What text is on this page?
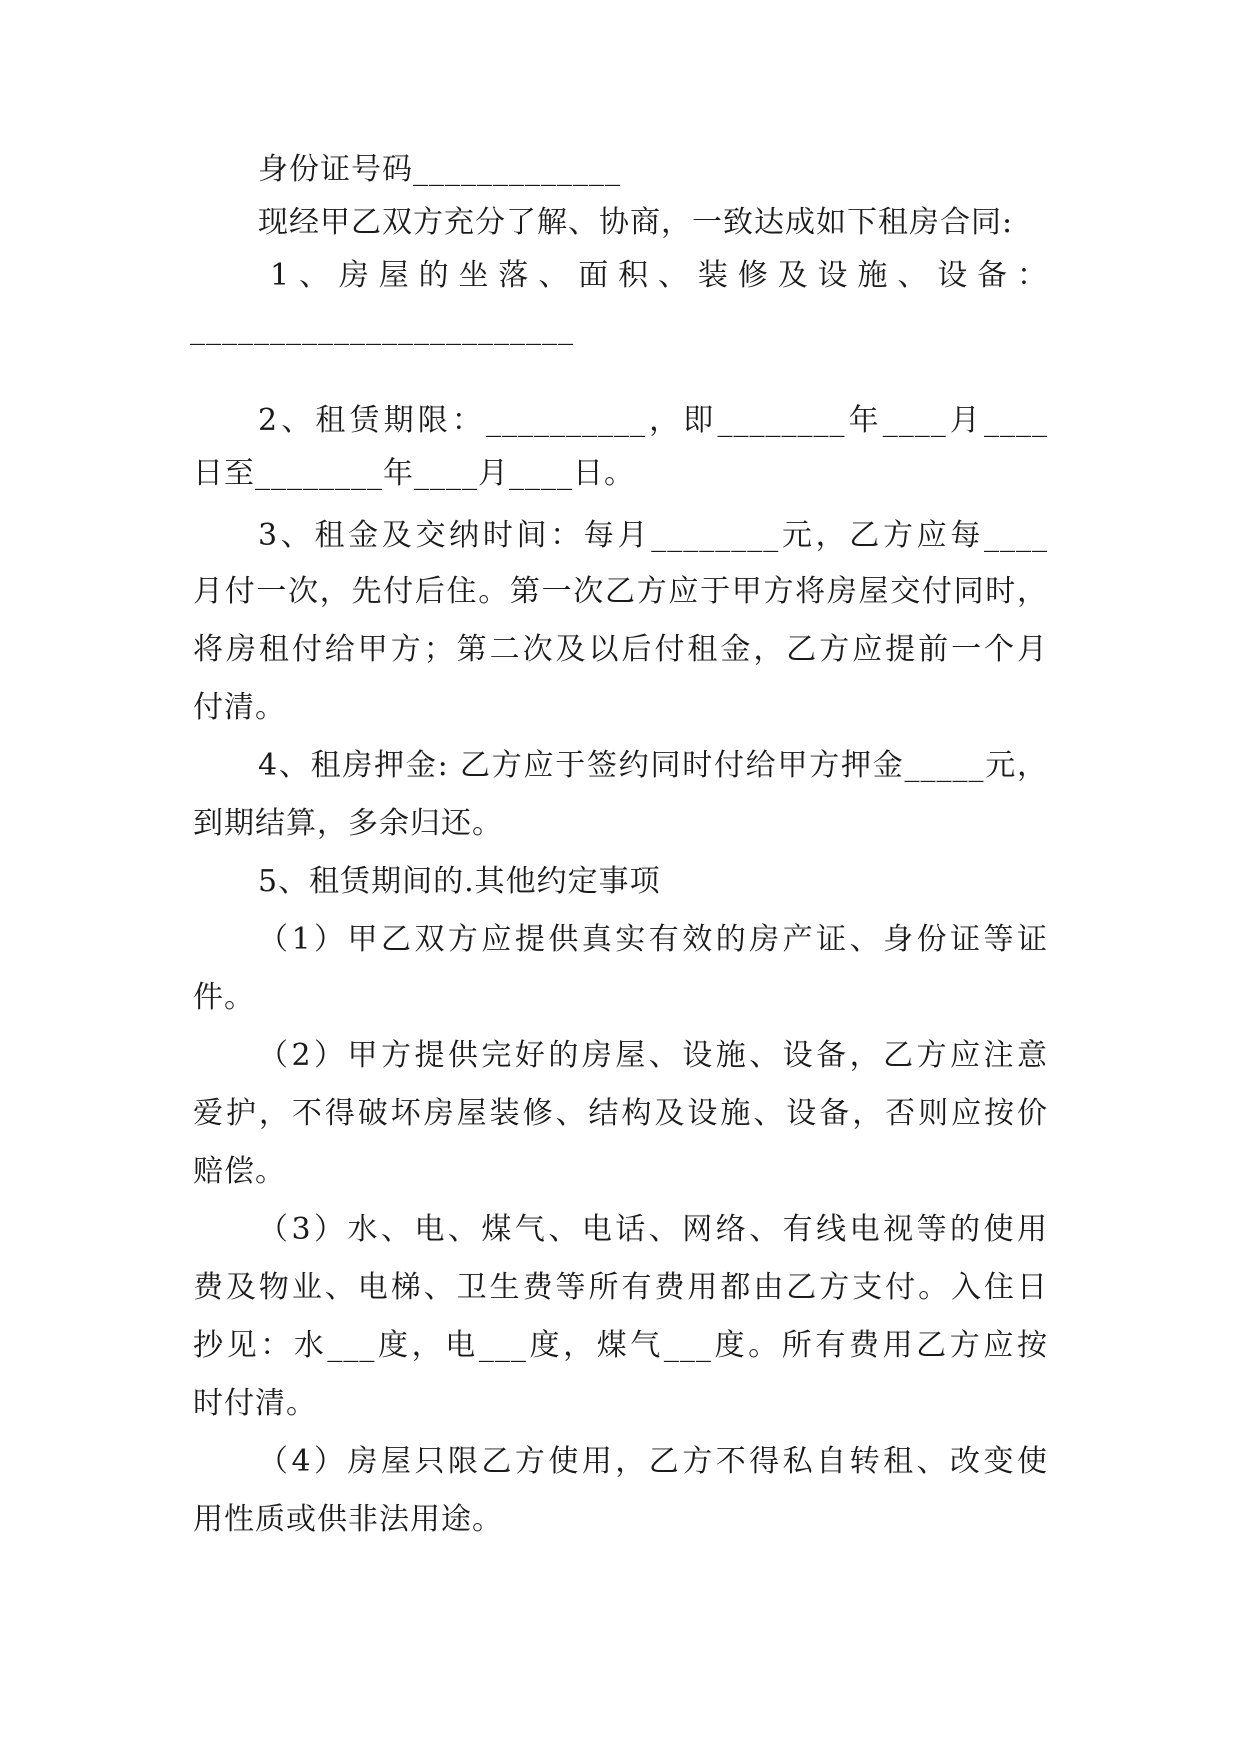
身份证号码_____________
现经甲乙双方充分了解、协商，一致达成如下租房合同:
1、房屋的坐落、面积、装修及设施、设备：
________________________
2、租赁期限：__________，即________年____月____
日至________年____月____日。
3、租金及交纳时间：每月________元，乙方应每____
月付一次，先付后住。第一次乙方应于甲方将房屋交付同时，
将房租付给甲方；第二次及以后付租金，乙方应提前一个月
付清。
4、租房押金: 乙方应于签约同时付给甲方押金_____元，
到期结算，多余归还。
5、租赁期间的.其他约定事项
（1）甲乙双方应提供真实有效的房产证、身份证等证
件。
（2）甲方提供完好的房屋、设施、设备，乙方应注意
爱护，不得破坏房屋装修、结构及设施、设备，否则应按价
赔偿。
（3）水、电、煤气、电话、网络、有线电视等的使用
费及物业、电梯、卫生费等所有费用都由乙方支付。入住日
抄见：水___度，电___度，煤气___度。所有费用乙方应按
时付清。
（4）房屋只限乙方使用，乙方不得私自转租、改变使
用性质或供非法用途。
